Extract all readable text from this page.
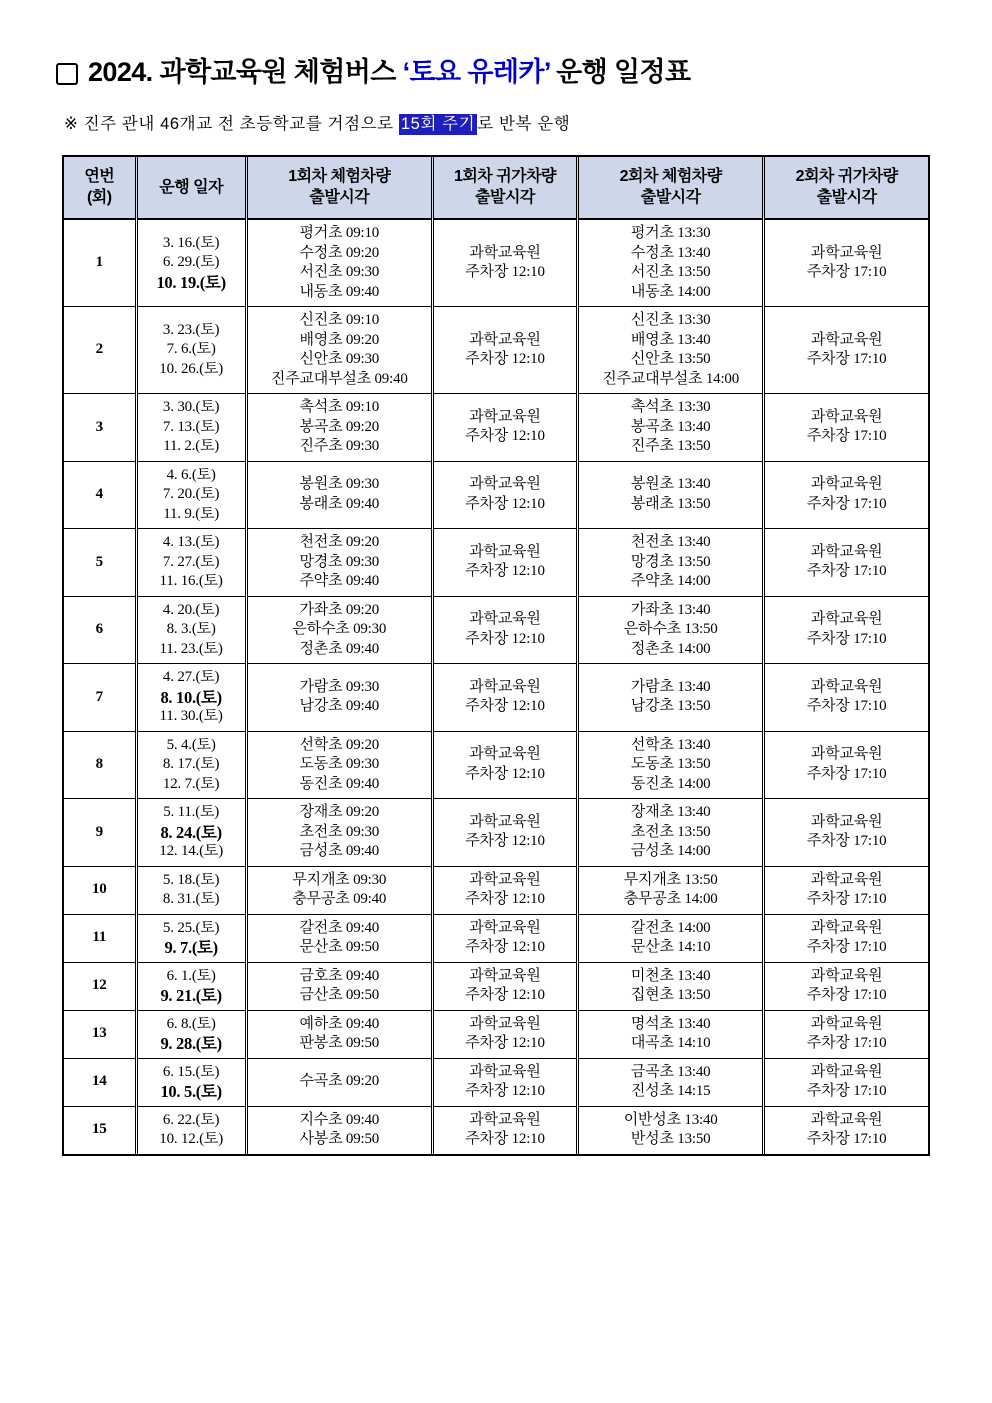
2024. 과학교육원 체험버스 ‘토요 유레카’ 운행 일정표
※ 진주 관내 46개교 전 초등학교를 거점으로 15회 주기 로 반복 운행
연번
(회)

운행 일자

1회차 체험차량
출발시각

1회차 귀가차량
출발시각

2회차 체험차량
출발시각

2회차 귀가차량
출발시각

1	3. 16.(토)
6. 29.(토)
10. 19.(토)	평거초 09:10
수정초 09:20
서진초 09:30
내동초 09:40	과학교육원
주차장 12:10	평거초 13:30
수정초 13:40
서진초 13:50
내동초 14:00	과학교육원
주차장 17:10

2	3. 23.(토)
7. 6.(토)
10. 26.(토)	신진초 09:10
배영초 09:20
신안초 09:30
진주교대부설초 09:40	과학교육원
주차장 12:10	신진초 13:30
배영초 13:40
신안초 13:50
진주교대부설초 14:00	과학교육원
주차장 17:10

3	3. 30.(토)
7. 13.(토)
11. 2.(토)	촉석초 09:10
봉곡초 09:20
진주초 09:30	과학교육원
주차장 12:10	촉석초 13:30
봉곡초 13:40
진주초 13:50	과학교육원
주차장 17:10

4	4. 6.(토)
7. 20.(토)
11. 9.(토)	봉원초 09:30
봉래초 09:40	과학교육원
주차장 12:10	봉원초 13:40
봉래초 13:50	과학교육원
주차장 17:10

5	4. 13.(토)
7. 27.(토)
11. 16.(토)	천전초 09:20
망경초 09:30
주약초 09:40	과학교육원
주차장 12:10	천전초 13:40
망경초 13:50
주약초 14:00	과학교육원
주차장 17:10

6	4. 20.(토)
8. 3.(토)
11. 23.(토)	가좌초 09:20
은하수초 09:30
정촌초 09:40	과학교육원
주차장 12:10	가좌초 13:40
은하수초 13:50
정촌초 14:00	과학교육원
주차장 17:10

7	4. 27.(토)
8. 10.(토)
11. 30.(토)	가람초 09:30
남강초 09:40	과학교육원
주차장 12:10	가람초 13:40
남강초 13:50	과학교육원
주차장 17:10

8	5. 4.(토)
8. 17.(토)
12. 7.(토)	선학초 09:20
도동초 09:30
동진초 09:40	과학교육원
주차장 12:10	선학초 13:40
도동초 13:50
동진초 14:00	과학교육원
주차장 17:10

9	5. 11.(토)
8. 24.(토)
12. 14.(토)	장재초 09:20
초전초 09:30
금성초 09:40	과학교육원
주차장 12:10	장재초 13:40
초전초 13:50
금성초 14:00	과학교육원
주차장 17:10

10	5. 18.(토)
8. 31.(토)	무지개초 09:30
충무공초 09:40	과학교육원
주차장 12:10	무지개초 13:50
충무공초 14:00	과학교육원
주차장 17:10

11	5. 25.(토)
9. 7.(토)	갈전초 09:40
문산초 09:50	과학교육원
주차장 12:10	갈전초 14:00
문산초 14:10	과학교육원
주차장 17:10

12	6. 1.(토)
9. 21.(토)	금호초 09:40
금산초 09:50	과학교육원
주차장 12:10	미천초 13:40
집현초 13:50	과학교육원
주차장 17:10

13	6. 8.(토)
9. 28.(토)	예하초 09:40
판봉초 09:50	과학교육원
주차장 12:10	명석초 13:40
대곡초 14:10	과학교육원
주차장 17:10

14	6. 15.(토)
10. 5.(토)	수곡초 09:20	과학교육원
주차장 12:10	금곡초 13:40
진성초 14:15	과학교육원
주차장 17:10

15	6. 22.(토)
10. 12.(토)	지수초 09:40
사봉초 09:50	과학교육원
주차장 12:10	이반성초 13:40
반성초 13:50	과학교육원
주차장 17:10
